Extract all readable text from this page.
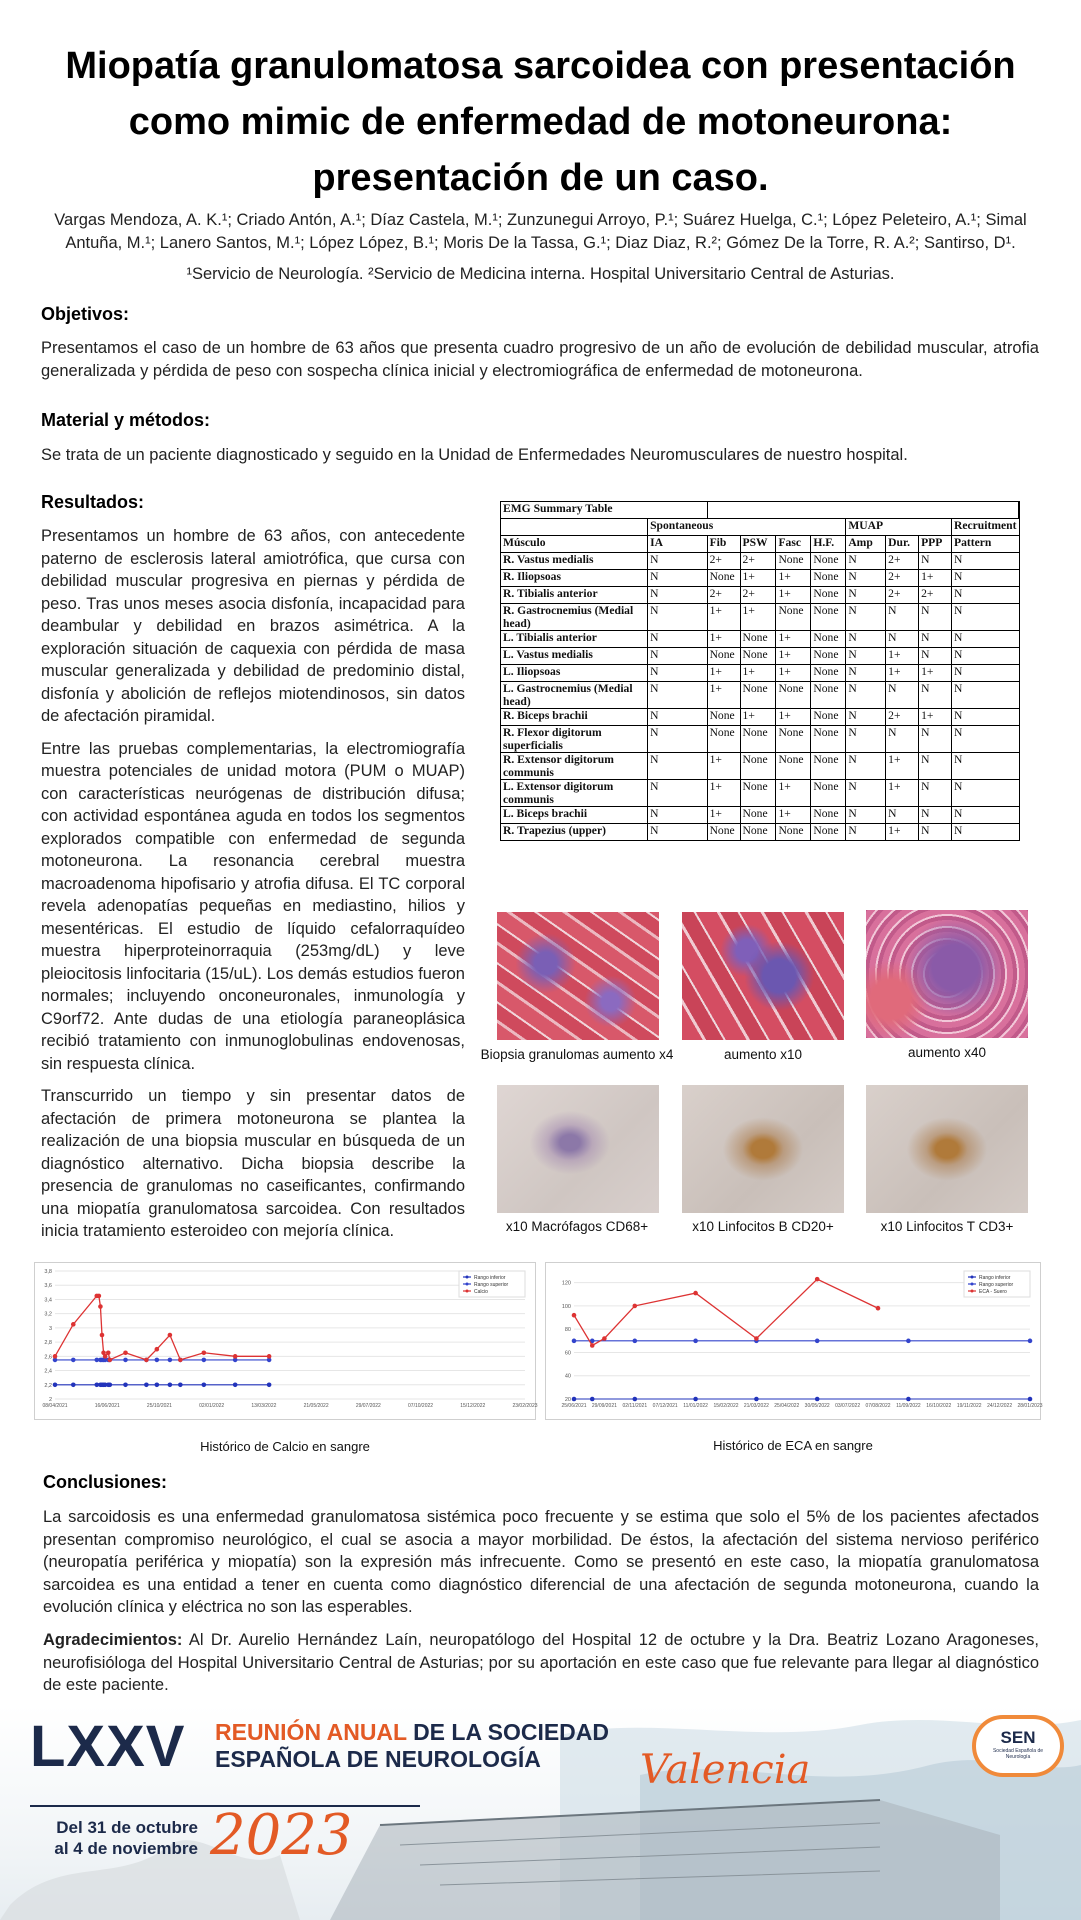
Miopatía granulomatosa sarcoidea con presentación como mimic de enfermedad de motoneurona: presentación de un caso.
Vargas Mendoza, A. K.¹; Criado Antón, A.¹; Díaz Castela, M.¹; Zunzunegui Arroyo, P.¹; Suárez Huelga, C.¹; López Peleteiro, A.¹; Simal Antuña, M.¹; Lanero Santos, M.¹; López López, B.¹; Moris De la Tassa, G.¹; Diaz Diaz, R.²; Gómez De la Torre, R. A.²; Santirso, D¹.
¹Servicio de Neurología. ²Servicio de Medicina interna. Hospital Universitario Central de Asturias.
Objetivos:
Presentamos el caso de un hombre de 63 años que presenta cuadro progresivo de un año de evolución de debilidad muscular, atrofia generalizada y pérdida de peso con sospecha clínica inicial y electromiográfica de enfermedad de motoneurona.
Material y métodos:
Se trata de un paciente diagnosticado y seguido en la Unidad de Enfermedades Neuromusculares de nuestro hospital.
Resultados:

Presentamos un hombre de 63 años, con antecedente paterno de esclerosis lateral amiotrófica, que cursa con debilidad muscular progresiva en piernas y pérdida de peso. Tras unos meses asocia disfonía, incapacidad para deambular y debilidad en brazos asimétrica. A la exploración situación de caquexia con pérdida de masa muscular generalizada y debilidad de predominio distal, disfonía y abolición de reflejos miotendinosos, sin datos de afectación piramidal.

Entre las pruebas complementarias, la electromiografía muestra potenciales de unidad motora (PUM o MUAP) con características neurógenas de distribución difusa; con actividad espontánea aguda en todos los segmentos explorados compatible con enfermedad de segunda motoneurona. La resonancia cerebral muestra macroadenoma hipofisario y atrofia difusa. El TC corporal revela adenopatías pequeñas en mediastino, hilios y mesentéricas. El estudio de líquido cefalorraquídeo muestra hiperproteinorraquia (253mg/dL) y leve pleiocitosis linfocitaria (15/uL). Los demás estudios fueron normales; incluyendo onconeuronales, inmunología y C9orf72. Ante dudas de una etiología paraneoplásica recibió tratamiento con inmunoglobulinas endovenosas, sin respuesta clínica.

Transcurrido un tiempo y sin presentar datos de afectación de primera motoneurona se plantea la realización de una biopsia muscular en búsqueda de un diagnóstico alternativo. Dicha biopsia describe la presencia de granulomas no caseificantes, confirmando una miopatía granulomatosa sarcoidea. Con resultados inicia tratamiento esteroideo con mejoría clínica.

EMG Summary Table									
	Spontaneous					MUAP			Recruitment
Músculo	IA	Fib	PSW	Fasc	H.F.	Amp	Dur.	PPP	Pattern
R. Vastus medialis	N	2+	2+	None	None	N	2+	N	N
R. Iliopsoas	N	None	1+	1+	None	N	2+	1+	N
R. Tibialis anterior	N	2+	2+	1+	None	N	2+	2+	N
R. Gastrocnemius (Medial head)	N	1+	1+	None	None	N	N	N	N
L. Tibialis anterior	N	1+	None	1+	None	N	N	N	N
L. Vastus medialis	N	None	None	1+	None	N	1+	N	N
L. Iliopsoas	N	1+	1+	1+	None	N	1+	1+	N
L. Gastrocnemius (Medial head)	N	1+	None	None	None	N	N	N	N
R. Biceps brachii	N	None	1+	1+	None	N	2+	1+	N
R. Flexor digitorum superficialis	N	None	None	None	None	N	N	N	N
R. Extensor digitorum communis	N	1+	None	None	None	N	1+	N	N
L. Extensor digitorum communis	N	1+	None	1+	None	N	1+	N	N
L. Biceps brachii	N	1+	None	1+	None	N	N	N	N
R. Trapezius (upper)	N	None	None	None	None	N	1+	N	N
Biopsia granulomas aumento x4	aumento x10	aumento x40
x10 Macrófagos CD68+	x10 Linfocitos B CD20+	x10 Linfocitos T CD3+
2
2,2
2,4
2,6
2,8
3
3,2
3,4
3,6
3,8
08/04/2021	16/06/2021	25/10/2021	02/01/2022	13/03/2022	21/05/2022	29/07/2022	07/10/2022	15/12/2022	23/02/2023
Rango inferior
Rango superior
Calcio
Histórico de Calcio en sangre
20
40
60
80
100
120
25/06/2021 29/09/2021 02/11/2021 07/12/2021 11/01/2022 15/02/2022 21/03/2022 25/04/2022 30/05/2022 03/07/2022 07/08/2022 11/09/2022 16/10/2022 19/11/2022 24/12/2022 28/01/2023
Rango inferior
Rango superior
ECA - Suero
Histórico de ECA en sangre
Conclusiones:
La sarcoidosis es una enfermedad granulomatosa sistémica poco frecuente y se estima que solo el 5% de los pacientes afectados presentan compromiso neurológico, el cual se asocia a mayor morbilidad. De éstos, la afectación del sistema nervioso periférico (neuropatía periférica y miopatía) son la expresión más infrecuente. Como se presentó en este caso, la miopatía granulomatosa sarcoidea es una entidad a tener en cuenta como diagnóstico diferencial de una afectación de segunda motoneurona, cuando la evolución clínica y eléctrica no son las esperables.
Agradecimientos: Al Dr. Aurelio Hernández Laín, neuropatólogo del Hospital 12 de octubre y la Dra. Beatriz Lozano Aragoneses, neurofisióloga del Hospital Universitario Central de Asturias; por su aportación en este caso que fue relevante para llegar al diagnóstico de este paciente.
LXXV REUNIÓN ANUAL DE LA SOCIEDAD
ESPAÑOLA DE NEUROLOGÍA	Valencia
Del 31 de octubre
al 4 de noviembre 2023
SEN
Sociedad Española de Neurología
